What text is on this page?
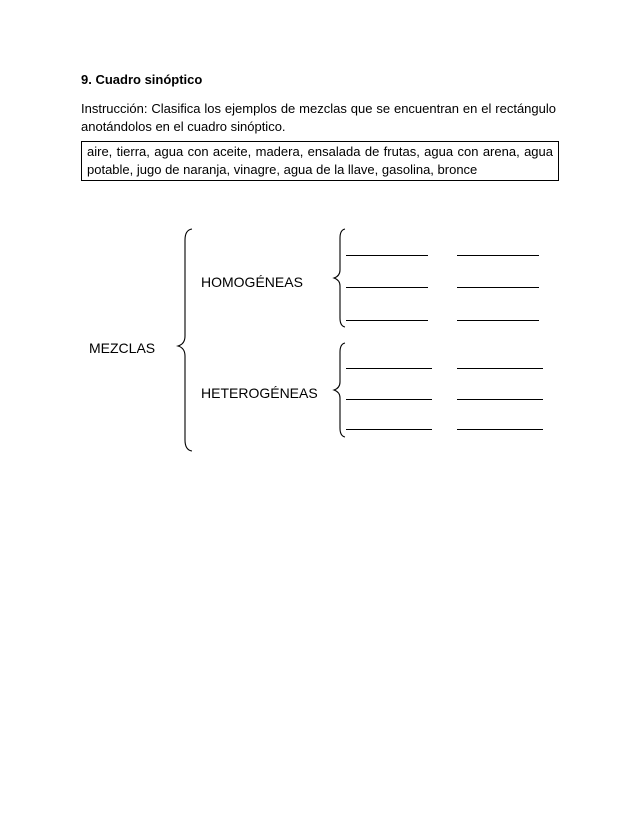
9. Cuadro sinóptico
Instrucción: Clasifica los ejemplos de mezclas que se encuentran en el rectángulo anotándolos en el cuadro sinóptico.
aire, tierra, agua con aceite, madera, ensalada de frutas, agua con arena, agua potable, jugo de naranja, vinagre, agua de la llave, gasolina, bronce
MEZCLAS
HOMOGÉNEAS
HETEROGÉNEAS
